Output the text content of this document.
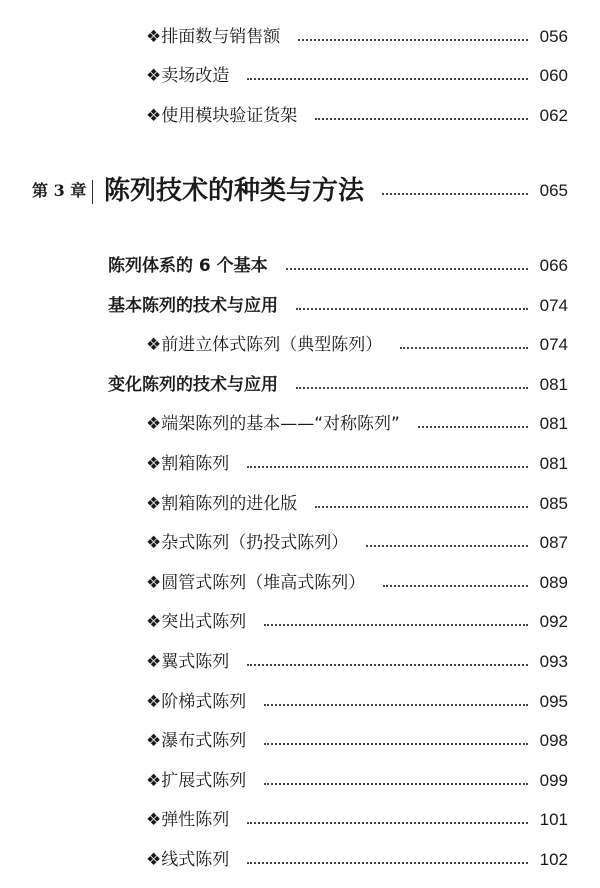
❖排面数与销售额	056
❖卖场改造	060
❖使用模块验证货架	062
第 3 章 陈列技术的种类与方法	065
陈列体系的 6 个基本	066
基本陈列的技术与应用	074
❖前进立体式陈列（典型陈列）	074
变化陈列的技术与应用	081
❖端架陈列的基本——“对称陈列”	081
❖割箱陈列	081
❖割箱陈列的进化版	085
❖杂式陈列（扔投式陈列）	087
❖圆管式陈列（堆高式陈列）	089
❖突出式陈列	092
❖翼式陈列	093
❖阶梯式陈列	095
❖瀑布式陈列	098
❖扩展式陈列	099
❖弹性陈列	101
❖线式陈列	102
